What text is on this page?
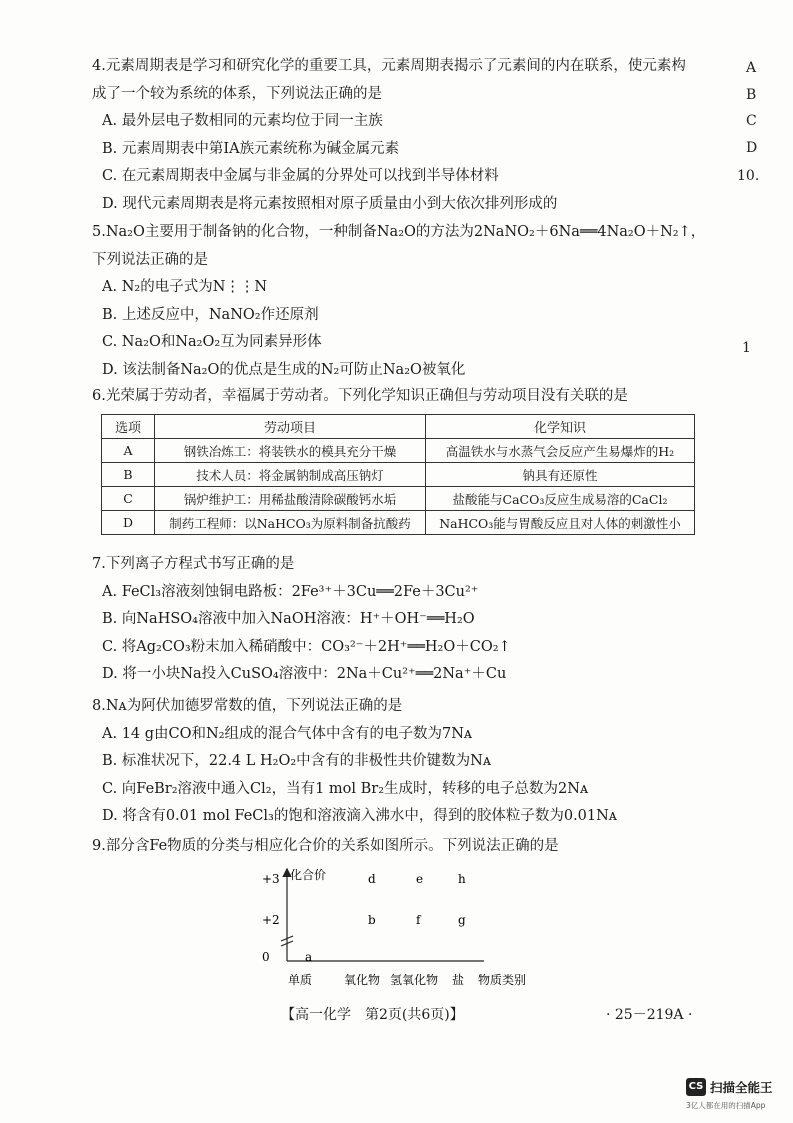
A
B
C
D
10.
1
4.元素周期表是学习和研究化学的重要工具，元素周期表揭示了元素间的内在联系，使元素构
成了一个较为系统的体系，下列说法正确的是
A. 最外层电子数相同的元素均位于同一主族
B. 元素周期表中第ⅠA族元素统称为碱金属元素
C. 在元素周期表中金属与非金属的分界处可以找到半导体材料
D. 现代元素周期表是将元素按照相对原子质量由小到大依次排列形成的
5.Na₂O主要用于制备钠的化合物，一种制备Na₂O的方法为2NaNO₂＋6Na══4Na₂O＋N₂↑，
下列说法正确的是
A. N₂的电子式为N⋮⋮N
B. 上述反应中，NaNO₂作还原剂
C. Na₂O和Na₂O₂互为同素异形体
D. 该法制备Na₂O的优点是生成的N₂可防止Na₂O被氧化
6.光荣属于劳动者，幸福属于劳动者。下列化学知识正确但与劳动项目没有关联的是
选项	劳动项目	化学知识
A	钢铁冶炼工：将装铁水的模具充分干燥	高温铁水与水蒸气会反应产生易爆炸的H₂
B	技术人员：将金属钠制成高压钠灯	钠具有还原性
C	锅炉维护工：用稀盐酸清除碳酸钙水垢	盐酸能与CaCO₃反应生成易溶的CaCl₂
D	制药工程师：以NaHCO₃为原料制备抗酸药	NaHCO₃能与胃酸反应且对人体的刺激性小
7.下列离子方程式书写正确的是
A. FeCl₃溶液刻蚀铜电路板：2Fe³⁺＋3Cu══2Fe＋3Cu²⁺
B. 向NaHSO₄溶液中加入NaOH溶液：H⁺＋OH⁻══H₂O
C. 将Ag₂CO₃粉末加入稀硝酸中：CO₃²⁻＋2H⁺══H₂O＋CO₂↑
D. 将一小块Na投入CuSO₄溶液中：2Na＋Cu²⁺══2Na⁺＋Cu
8.Nᴀ为阿伏加德罗常数的值，下列说法正确的是
A. 14 g由CO和N₂组成的混合气体中含有的电子数为7Nᴀ
B. 标准状况下，22.4 L H₂O₂中含有的非极性共价键数为Nᴀ
C. 向FeBr₂溶液中通入Cl₂，当有1 mol Br₂生成时，转移的电子总数为2Nᴀ
D. 将含有0.01 mol FeCl₃的饱和溶液滴入沸水中，得到的胶体粒子数为0.01Nᴀ
9.部分含Fe物质的分类与相应化合价的关系如图所示。下列说法正确的是
化合价
物质类别
+3
+2
0
单质	氧化物 氢氧化物 盐
a
b
d
f
e
g
h
【高一化学　第2页(共6页)】	· 25－219A ·
CS 扫描全能王
3亿人都在用的扫描App
